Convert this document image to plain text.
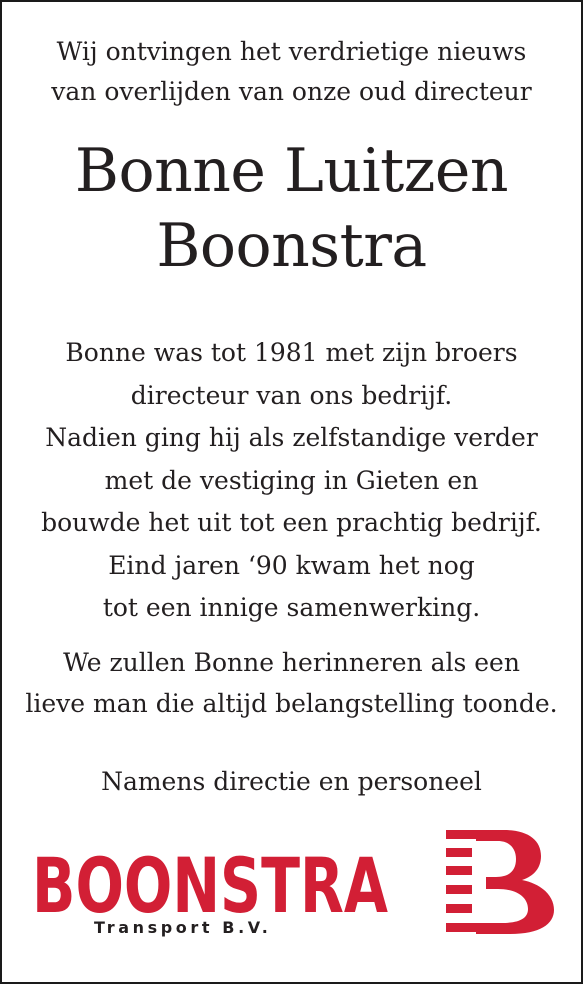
Wij ontvingen het verdrietige nieuws
van overlijden van onze oud directeur
Bonne Luitzen
Boonstra
Bonne was tot 1981 met zijn broers
directeur van ons bedrijf.
Nadien ging hij als zelfstandige verder
met de vestiging in Gieten en
bouwde het uit tot een prachtig bedrijf.
Eind jaren ‘90 kwam het nog
tot een innige samenwerking.
We zullen Bonne herinneren als een
lieve man die altijd belangstelling toonde.
Namens directie en personeel
BOONSTRA
Transport B.V.
